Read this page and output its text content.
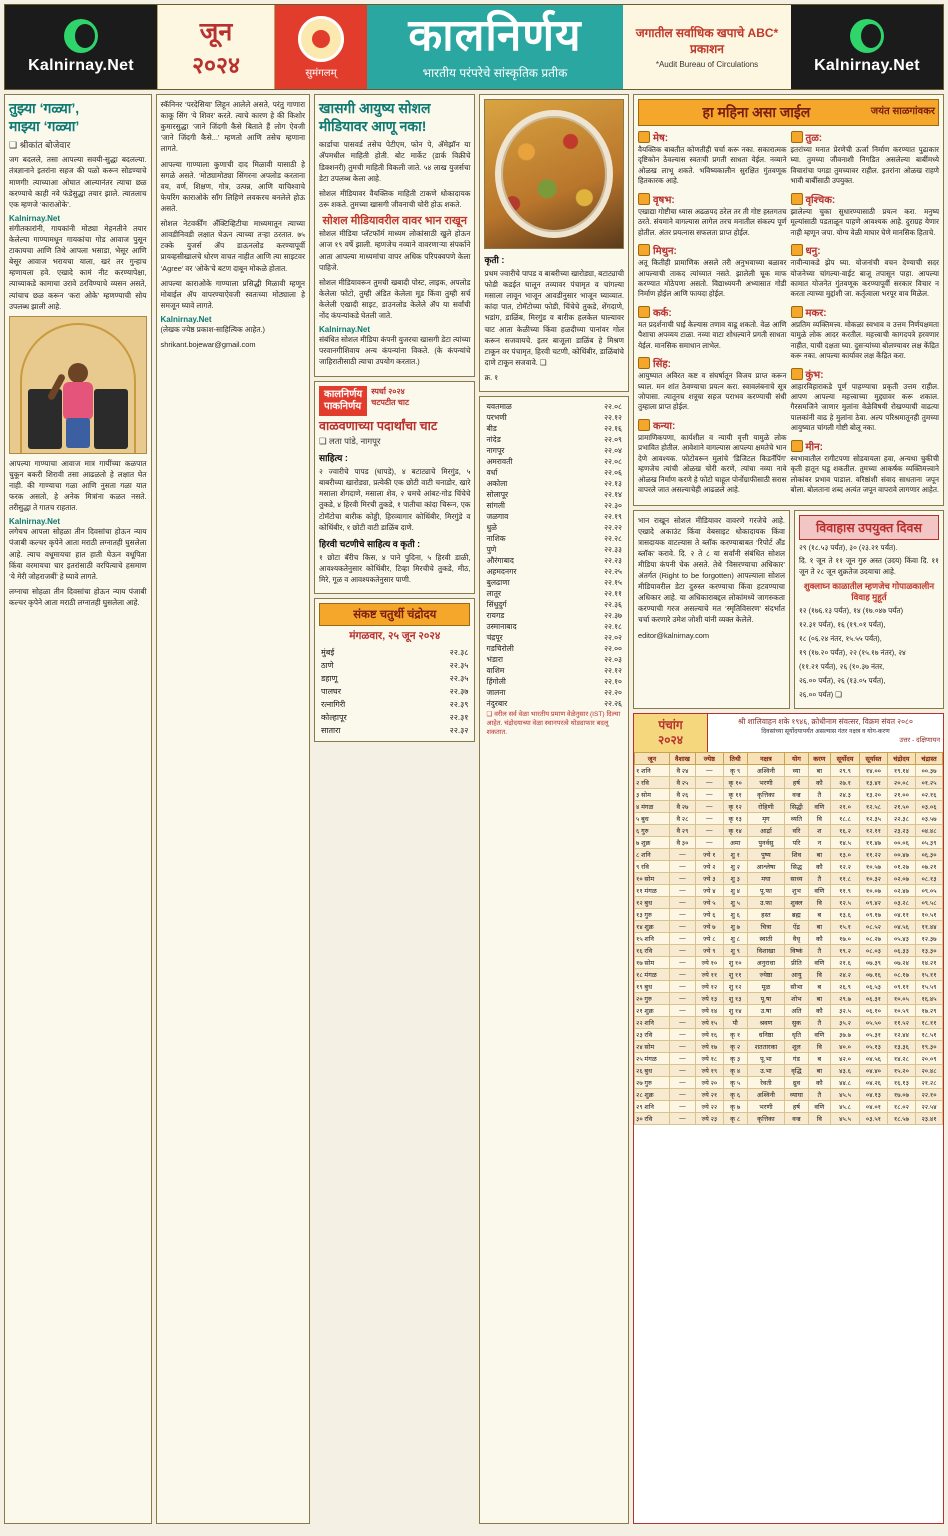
Kalnirnay.Net
जून
२०२४	सुमंगलम्
कालनिर्णय
भारतीय परंपरेचे सांस्कृतिक प्रतीक
जगातील सर्वाधिक खपाचे ABC* प्रकाशन
*Audit Bureau of Circulations	Kalnirnay.Net
तुझ्या ‘गळ्या’,
माझ्या ‘गळ्या’
❑ श्रीकांत बोजेवार

जग बदलले, तसा आपल्या सवयी-सुद्धा बदलल्या. तंत्रज्ञानाने इतरांना सहज की पळो करून सोडण्याचे माणगी! त्याच्याआ ओघात आल्यानंतर त्याचा छळ करण्याचे काही नवे फंडेसुद्धा तयार झाले. त्यातलाच एक म्हणजे ‘काराओके’.

Kalnirnay.Net

संगीतकारांनी, गायकांनी मोठ्या मेहनतीने तयार केलेल्या गाण्यामधून गायकांचा गोड आवाज पुसून टाकायचा आणि तिथे आपला भसाडा, भेसूर आणि बेसूर आवाज भरायचा याला, खरं तर गुन्हाच म्हणायला हवे. एखादे कामं नीट करण्यापेक्षा, त्याच्याकडे कामाचा उरावे ठरविण्याचे व्यसन असते, त्यांचाच छळ करून ‘करा ओके’ म्हणण्याची सोय उपलब्ध झाली आहे.

आपल्या गाण्याचा आवाज मात्र गायींच्या कळपात चुकून बकरी शिरावी तसा आढळतो हे लक्षात घेत नाही. की गाण्याचा गळा आणि नुसता गळा यात फरक असतो, हे अनेक मित्रांना कळत नसते. तरीसुद्धा ते गातच राहतात.

Kalnirnay.Net

लगेचच आपला सोहळा तीन दिवसांचा होऊन न्याय पंजाबी कल्चर कृपेने आता मराठी लग्नातही घुसलेला आहे. त्याच वधूमायचा हात हाती घेऊन वधूपिता किंवा वरमायचा चार इतरांसाठी वरपित्याचे हसमाण ‘ये मेरी जोहराजबीं’ हे घ्यावे लागते.

लग्नाचा सोहळा तीन दिवसांचा होऊन न्याय पंजाबी कल्चर कृपेने आता मराठी लग्नातही घुसलेला आहे.

स्कॅनिनर ‘परदेसिया’ लिहून आलेले असते, परंतु गाणारा काकू सिंग ‘ये शिवर’ करते. त्याचे कारण हे की किशोर कुमारसुद्धा ‘जाने जिंदगी कैसे बिताते हैं लोग ऐवजी ‘जाने जिंदगी कैसे...’ म्हणतो आणि तसेच म्हणाना लागते.

आपल्या गाण्याला कुणाची दाद मिळावी यासाठी हे सगळे असते. ‘मोठ्यामोठ्या सिंगरना अपलोड करताना वय, वर्ण, शिक्षण, गोत्र, उत्पन्न, आणि याचिश्वाचे फेयरिंग काराओके सॉंग लिहिणे लवकरच बनलेले होऊ असते.

सोशल नेटवर्कींग अँक्टिव्हिटीचा माध्यमातून त्याच्या आवडीनिवडी लक्षात घेऊन त्याच्या तऱ्हा ठरतात. ७५ टक्के युजर्स ॲप डाऊनलोड करण्यापूर्वी प्रायव्हसीखालचे धोरण वाचत नाहीत आणि त्या साइटवर ‘Agree’ वर ‘ओके’चे बटण दाबून मोकळे होतात.

आपल्या काराओके गाण्याला प्रसिद्धी मिळावी म्हणून मोबाईल ॲप वापरण्याऐवजी स्वतःच्या मोठ्याला हे समजून घ्यावे लागते.

Kalnirnay.Net

(लेखक ज्येष्ठ प्रकाश-साहित्यिक आहेत.)

shrikant.bojewar@gmail.com

खासगी आयुष्य सोशल मीडियावर आणू नका!

कार्डाचा पासवर्ड तसेच पेटीएम, फोन पे, ॲमेझॉन या ॲपमधील माहिती होती. बोट मार्केट (डार्क विक्रीचे डिक्शनरी) तुमची माहिती विकली जाते. ५४ लाख युजर्सचा डेटा उपलब्ध केला आहे.

सोशल मीडियावर वैयक्तिक माहिती टाकणे धोकादायक ठरू शकते. तुमच्या खासगी जीवनाची चोरी होऊ शकते.

सोशल मीडियावरील वावर भान राखून

सोशल मीडिया प्लॅटफॉर्म माध्यम लोकांसाठी खुले होऊन आज १९ वर्षे झाली. म्हणजेच नव्याने वावरणाऱ्या संपर्काने आता आपल्या माध्यमांचा वापर अधिक परिपक्वपणे केला पाहिजे.

सोशल मीडियावरून तुमची खबादी पोस्ट, लाइक, अपलोड केलेला फोटो, तुम्ही अंडित केलेला मूड किंवा तुम्ही सर्च केलेली एखादी साइट, डाउनलोड केलेले ॲप या सर्वांची नोंद कंपन्यांकडे घेतली जाते.

Kalnirnay.Net

संबंधित सोशल मीडिया कंपनी युजरचा खासगी डेटा त्यांच्या परवानगीशिवाय अन्य कंपन्यांना विकते. (के कंपन्यांचे जाहिरातीसाठी त्याचा उपयोग करतात.)

कालनिर्णय
पाकनिर्णय
स्पर्धा २०२४
चटपटीत चाट
वाळवणाच्या पदार्थांचा चाट
❑ लता पांडे, नागपूर
साहित्य :

२ ज्वारीचे पापड (धापडे), ४ बटाट्याचे मिरगुंड, ५ बाबरीच्या खारोड्या, प्रत्येकी एक छोटी वाटी चनाडोर, खारे मसाला शेंगदाणे, मसाला शेव, २ चमचे आंबट-गोड चिंचेचे तुकडे, ४ हिरवी मिरची तुकडे, १ पातीचा कांदा चिरून, एक टोमॅटोचा बारीक कोड्डी, हिरव्यागार कोथिंबीर, मिरगुंडे व कोथिंबीर, १ छोटी वाटी डाळिंब दाणे.

हिरवी चटणीचे साहित्य व कृती :

१ छोटा बॅरीच किस, ४ पाने पुदिना, ५ हिरवी डाळी, आवश्यकतेनुसार कोथिंबीर, टिव्हा मिरचीचे तुकडे, मीठ, मिरे, गूळ व आवश्यकतेनुसार पाणी.

संकष्ट चतुर्थी चंद्रोदय
मंगळवार, २५ जून २०२४
मुंबई	२२.३८
ठाणे	२२.३५
डहाणू	२२.३५
पालघर	२२.३७
रत्नागिरी	२२.३९
कोल्हापूर	२२.३१
सातारा	२२.३२
कृती :

प्रथम ज्वारीचे पापड व बाबरीच्या खारोड्या, बटाट्याची फोडी कडईत घालून तव्यावर पंचामृत व चांगल्या मसाला लावून भाजून आवडीनुसार भाजून घ्याव्यात. कांदा पात, टोमॅटोच्या फोडी, चिंचेचे तुकडे, शेंगदाणे, भडांग, डाळिंब, मिरगुंड व बारीक हलकेल घाल्यावर चाट आता केळीच्या किंवा हळदीच्या पानांवर गोल करून सजवायचे. इतर बाजूला डाळिंब हे मिश्रण टाकून वर पंचामृत, हिरवी चटणी, कोथिंबीर, डाळिंबांचे दाणे टाकून सजवावे. ❑

क्र. १

यवतमाळ	२२.०८
परभणी	२२.१२
बीड	२२.१६
नांदेड	२२.०९
नागपूर	२२.०४
अमरावती	२२.०८
वर्धा	२२.०६
अकोला	२२.१३
सोलापूर	२२.१४
सांगली	२२.३०
जळगाव	२२.१९
धुळे	२२.२२
नाशिक	२२.२८
पुणे	२२.३३
औरंगाबाद	२२.२३
अहमदनगर	२२.२५
बुलढाणा	२२.१५
लातूर	२२.११
सिंधुदुर्ग	२२.३६
रायगड	२२.३७
उस्मानाबाद	२२.१८
चंद्रपूर	२२.०२
गडचिरोली	२२.००
भंडारा	२२.०३
वाशिम	२२.१२
हिंगोली	२२.१०
जालना	२२.२०
नंदुरबार	२२.२६
❑ वरील सर्व वेळा भारतीय प्रमाण वेळेनुसार (IST) दिल्या आहेत. चंद्रोदयाच्या वेळा स्थानपरत्वे थोड्याफार बदलू शकतात.
हा महिना असा जाईल	जयंत साळगांवकर
मेष:

वैयक्तिक बाबतीत कोणतीही चर्चा करू नका. सकारात्मक दृष्टिकोन ठेवल्यास स्वतःची प्रगती साधता येईल. नव्याने ओळख लाभू शकते. भविष्यकालीन सुरक्षित गुंतवणूक हितकारक आहे.

वृषभ:

एखाद्या गोष्टीचा ध्यास अढळपद ठरेल तर ती गोष्ट हस्तगतच ठरते. संयमाने वागल्यास लागेल तरच मनातील संकल्प पूर्ण होतील. अंतर प्रयत्नास सफलता प्राप्त होईल.

मिथुन:

अतू कितीही प्रामाणिक असले तरी अनुभवाच्या बळावर आपल्याची ताकद त्यांच्यात नसते. झालेली चूक माफ करण्यात मोठेपणा असतो. विद्याध्ययनी अभ्यासात गोडी निर्माण होईल आणि फायदा होईल.

कर्क:

मत प्रदर्शनाची घाई केल्यास तणाव वाढू शकतो. वेळ आणि पैशाचा अपव्यय टाळा. नव्या वाटा शोधल्याने प्रगती साधता येईल. मानसिक समाधान लाभेल.

सिंह:

आयुष्यात अविरत कष्ट व संघर्षातून विजय प्राप्त करून घ्याल. मन शांत ठेवण्याचा प्रयत्न करा. स्वावलंबनाचे सूत्र जोपासा. त्यातूनच शत्रूचा सहज पराभव करण्याची संधी तुम्हाला प्राप्त होईल.

कन्या:

प्रामाणिकपणा, कार्यशील व न्यायी वृत्ती यामुळे लोक प्रभावित होतील. आवेशाने वागल्यास आपल्या क्षमतेचे भान देणे आवश्यक. फोटोवरून मुलांचे ‘डिजिटल किडनॅपिंग’ म्हणजेच त्यांची ओळख चोरी करणे, त्यांचा नव्या नावे ओळख निर्माण करणे हे फोटो चाहूल पोर्नोग्राफीसाठी सरास वापरले जात असल्याचेही आढळले आहे.

तुळ:

इतरांच्या मनात प्रेरणेची ऊर्जा निर्माण करण्यात पुढाकार घ्या. तुमच्या जीवनाशी निगडित असलेल्या बाबींमध्ये विचारांचा पगडा तुमच्यावर राहील. इतरांना ओळख राहणे भावी बाबींसाठी उपयुक्त.

वृश्चिक:

झालेल्या चुका सुधारण्यासाठी प्रयत्न करा. मनुष्य मूल्यांसाठी पडताळून पाहणे आवश्यक आहे. दुराग्रह येणार नाही म्हणून जपा. योग्य वेळी माघार घेणे मानसिक हिताचे.

धनु:

नावीन्याकडे झेप घ्या. योजनांची वचन देण्याची सदर योजनेच्या चांगल्या-वाईट बाजू तपासून पाहा. आपल्या कामात योजनेत गुंतवणूक करण्यापूर्वी सरकार विचार न करता त्याच्या मुद्दांशी जा. कर्तृत्वाला भरपूर वाव मिळेल.

मकर:

अप्रतिम व्यक्तिमत्त्व. मोकळा स्वभाव व उत्तम निर्णयक्षमता यामुळे लोक आदर करतील. महत्त्वाची कागदपत्रे हरवणार नाहीत, याची दक्षता घ्या. दुसऱ्यांच्या बोलण्यावर लक्ष केंद्रित करू नका. आपल्या कार्यावर लक्ष केंद्रित करा.

कुंभ:

आहारविहाराकडे पूर्ण पाहण्याचा प्रकृती उत्तम राहील. आपण आपल्या महत्त्वाच्या मुद्द्यावर करू शकाल. गैरसमजिने जाणार मुलांना वेळेविषयी रोखण्याची वाढत्या पालकांनी वाढ हे मुलांना ठेवा. अल्प परिश्रमातूनही तुमच्या आयुष्यात चांगली गोष्टी बोलू नका.

मीन:

स्वभावातील रागीटपणा सोडवायला हवा, अन्यथा चुकीची कृती हातून घडू शकतील. तुमच्या आकर्षक व्यक्तिमत्त्वाने लोकांवर प्रभाव पाडाल. वरिष्ठांशी संवाद साधताना जपून बोला. बोलताना शब्द अत्यंत जपून वापरावे लागणार आहेत.

भान राखून सोशल मीडियावर वावरणे गरजेचे आहे. एखादे अकाउंट किंवा वेबसाइट धोकादायक किंवा त्रासदायक वाटल्यास ते ब्लॉक करण्याबाबत ‘रिपोर्ट अँड ब्लॉक’ करावे. दि. २ ते ८ या सर्वांनी संबंधित सोशल मीडिया कंपनी चेक असते. तेथे ‘विसरण्याचा अधिकार’ अंतर्गत (Right to be forgotten) आपल्याला सोशल मीडियावरील डेटा दुरुस्त करण्याचा किंवा हटवण्याचा अधिकार आहे. या अधिकाराबद्दल लोकांमध्ये जागरुकता करण्याची गरज असल्याचे मत ‘स्मृतिविसरण’ संदर्भात चर्चा करणारे उमेश जोशी यांनी व्यक्त केलेले.

editor@kalnirnay.com

विवाहास उपयुक्त दिवस

२९ (१८.५३ पर्यंत), ३० (२३.२१ पर्यंत).

दि. १ जून ते ११ जून गुरु अस्त (उदय) किंवा दि. ११ जून ते २८ जून शुक्रतेज उदयाचा आहे.

शुक्लाघ्न काळातील म्हणजेच गोपाळकालीन विवाह मुहूर्त

१२ (१७६.१३ पर्यंत), १४ (१७.०४७ पर्यंत)

१२.३१ पर्यंत), १६ (१९.०१ पर्यंत),

१८ (०६.२४ नंतर, १५.५५ पर्यंत),

१९ (१७.२० पर्यंत), २२ (१५.१७ नंतर), २४

(११.२१ पर्यंत), २६ (१०.३७ नंतर,

२६.०० पर्यंत), २६ (१३.०५ पर्यंत),

२६.०० पर्यंत) ❑

पंचांग
२०२४
श्री शालिवाहन शके १९४६, क्रोधीनाम संवत्सर, विक्रम संवत २०८०
दिवसांच्या सूर्योदयापर्यंत असल्यास नंतर नक्षत्र व योग-करण
उत्तर - दक्षिणायन
जून	वैशाख	ज्येष्ठ	तिथी	नक्षत्र	योग	करण	सूर्योदय	सूर्यास्त	चंद्रोदय	चंद्रास्त
१ शनि	वै २४	—	कृ ९	अश्विनी	व्या	बा	२९.९	१४.००	१९.१४	००.३७
२ रवि	वै २५	—	कृ १०	भरणी	हर्ष	कौ	२७.१	१३.४१	२०.०८	०१.२५
३ सोम	वै २६	—	कृ ११	कृत्तिका	वज्र	तै	२४.३	१३.२०	२१.००	०२.१६
४ मंगळ	वै २७	—	कृ १२	रोहिणी	सिद्धी	वणि	२१.०	१२.५८	२१.५०	०३.०६
५ बुध	वै २८	—	कृ १३	मृग	व्यति	वि	१८.८	१२.३५	२२.३८	०३.५७
६ गुरु	वै २९	—	कृ १४	आर्द्रा	वरि	श	१६.२	१२.११	२३.२३	०४.४८
७ शुक्र	वै ३०	—	अमा	पुनर्वसु	परि	न	१४.५	११.४७	००.०६	०५.३९
८ शनि	—	ज्ये १	शु १	पुष्य	शिव	बा	१३.०	११.२२	००.४७	०६.३०
९ रवि	—	ज्ये २	शु २	आश्लेषा	सिद्ध	कौ	१२.२	१०.५७	०१.२७	०७.२१
१० सोम	—	ज्ये ३	शु ३	मघा	साध्य	तै	११.८	१०.३२	०२.०७	०८.१३
११ मंगळ	—	ज्ये ४	शु ४	पू.फा	शुभ	वणि	११.९	१०.०७	०२.४७	०९.०५
१२ बुध	—	ज्ये ५	शु ५	उ.फा	शुक्ल	वि	१२.५	०९.४२	०३.२८	०९.५८
१३ गुरु	—	ज्ये ६	शु ६	हस्त	ब्रह्म	ब	१३.६	०९.१७	०४.११	१०.५१
१४ शुक्र	—	ज्ये ७	शु ७	चित्रा	ऐंद्र	बा	१५.१	०८.५२	०४.५६	११.४४
१५ शनि	—	ज्ये ८	शु ८	स्वाती	वैधृ	कौ	१७.०	०८.२७	०५.४३	१२.३७
१६ रवि	—	ज्ये ९	शु ९	विशाखा	विष्कं	तै	१९.२	०८.०३	०६.३३	१३.३०
१७ सोम	—	ज्ये १०	शु १०	अनुराधा	प्रीति	वणि	२१.६	०७.३९	०७.२४	१४.२१
१८ मंगळ	—	ज्ये ११	शु ११	ज्येष्ठा	आयु	वि	२४.२	०७.१६	०८.१७	१५.११
१९ बुध	—	ज्ये १२	शु १२	मूळ	सौभा	ब	२६.९	०६.५३	०९.११	१५.५९
२० गुरु	—	ज्ये १३	शु १३	पू.षा	शोभ	बा	२९.७	०६.३१	१०.०५	१६.४५
२१ शुक्र	—	ज्ये १४	शु १४	उ.षा	अति	कौ	३२.५	०६.१०	१०.५९	१७.२९
२२ शनि	—	ज्ये १५	पौ	श्रवण	सुक	तै	३५.२	०५.५०	११.५२	१८.११
२३ रवि	—	ज्ये १६	कृ १	धनिष्ठा	धृति	वणि	३७.७	०५.३१	१२.४४	१८.५१
२४ सोम	—	ज्ये १७	कृ २	शततारका	शूल	वि	४०.०	०५.१३	१३.३६	१९.३०
२५ मंगळ	—	ज्ये १८	कृ ३	पू.भा	गंड	ब	४२.०	०४.५६	१४.२८	२०.०९
२६ बुध	—	ज्ये १९	कृ ४	उ.भा	वृद्धि	बा	४३.६	०४.४०	१५.२०	२०.४८
२७ गुरु	—	ज्ये २०	कृ ५	रेवती	ध्रुव	कौ	४४.८	०४.२६	१६.१३	२१.२८
२८ शुक्र	—	ज्ये २१	कृ ६	अश्विनी	व्याघा	तै	४५.५	०४.१३	१७.०७	२२.१०
२९ शनि	—	ज्ये २२	कृ ७	भरणी	हर्ष	वणि	४५.८	०४.०१	१८.०२	२२.५४
३० रवि	—	ज्ये २३	कृ ८	कृत्तिका	वज्र	वि	४५.५	०३.५१	१८.५७	२३.४१
